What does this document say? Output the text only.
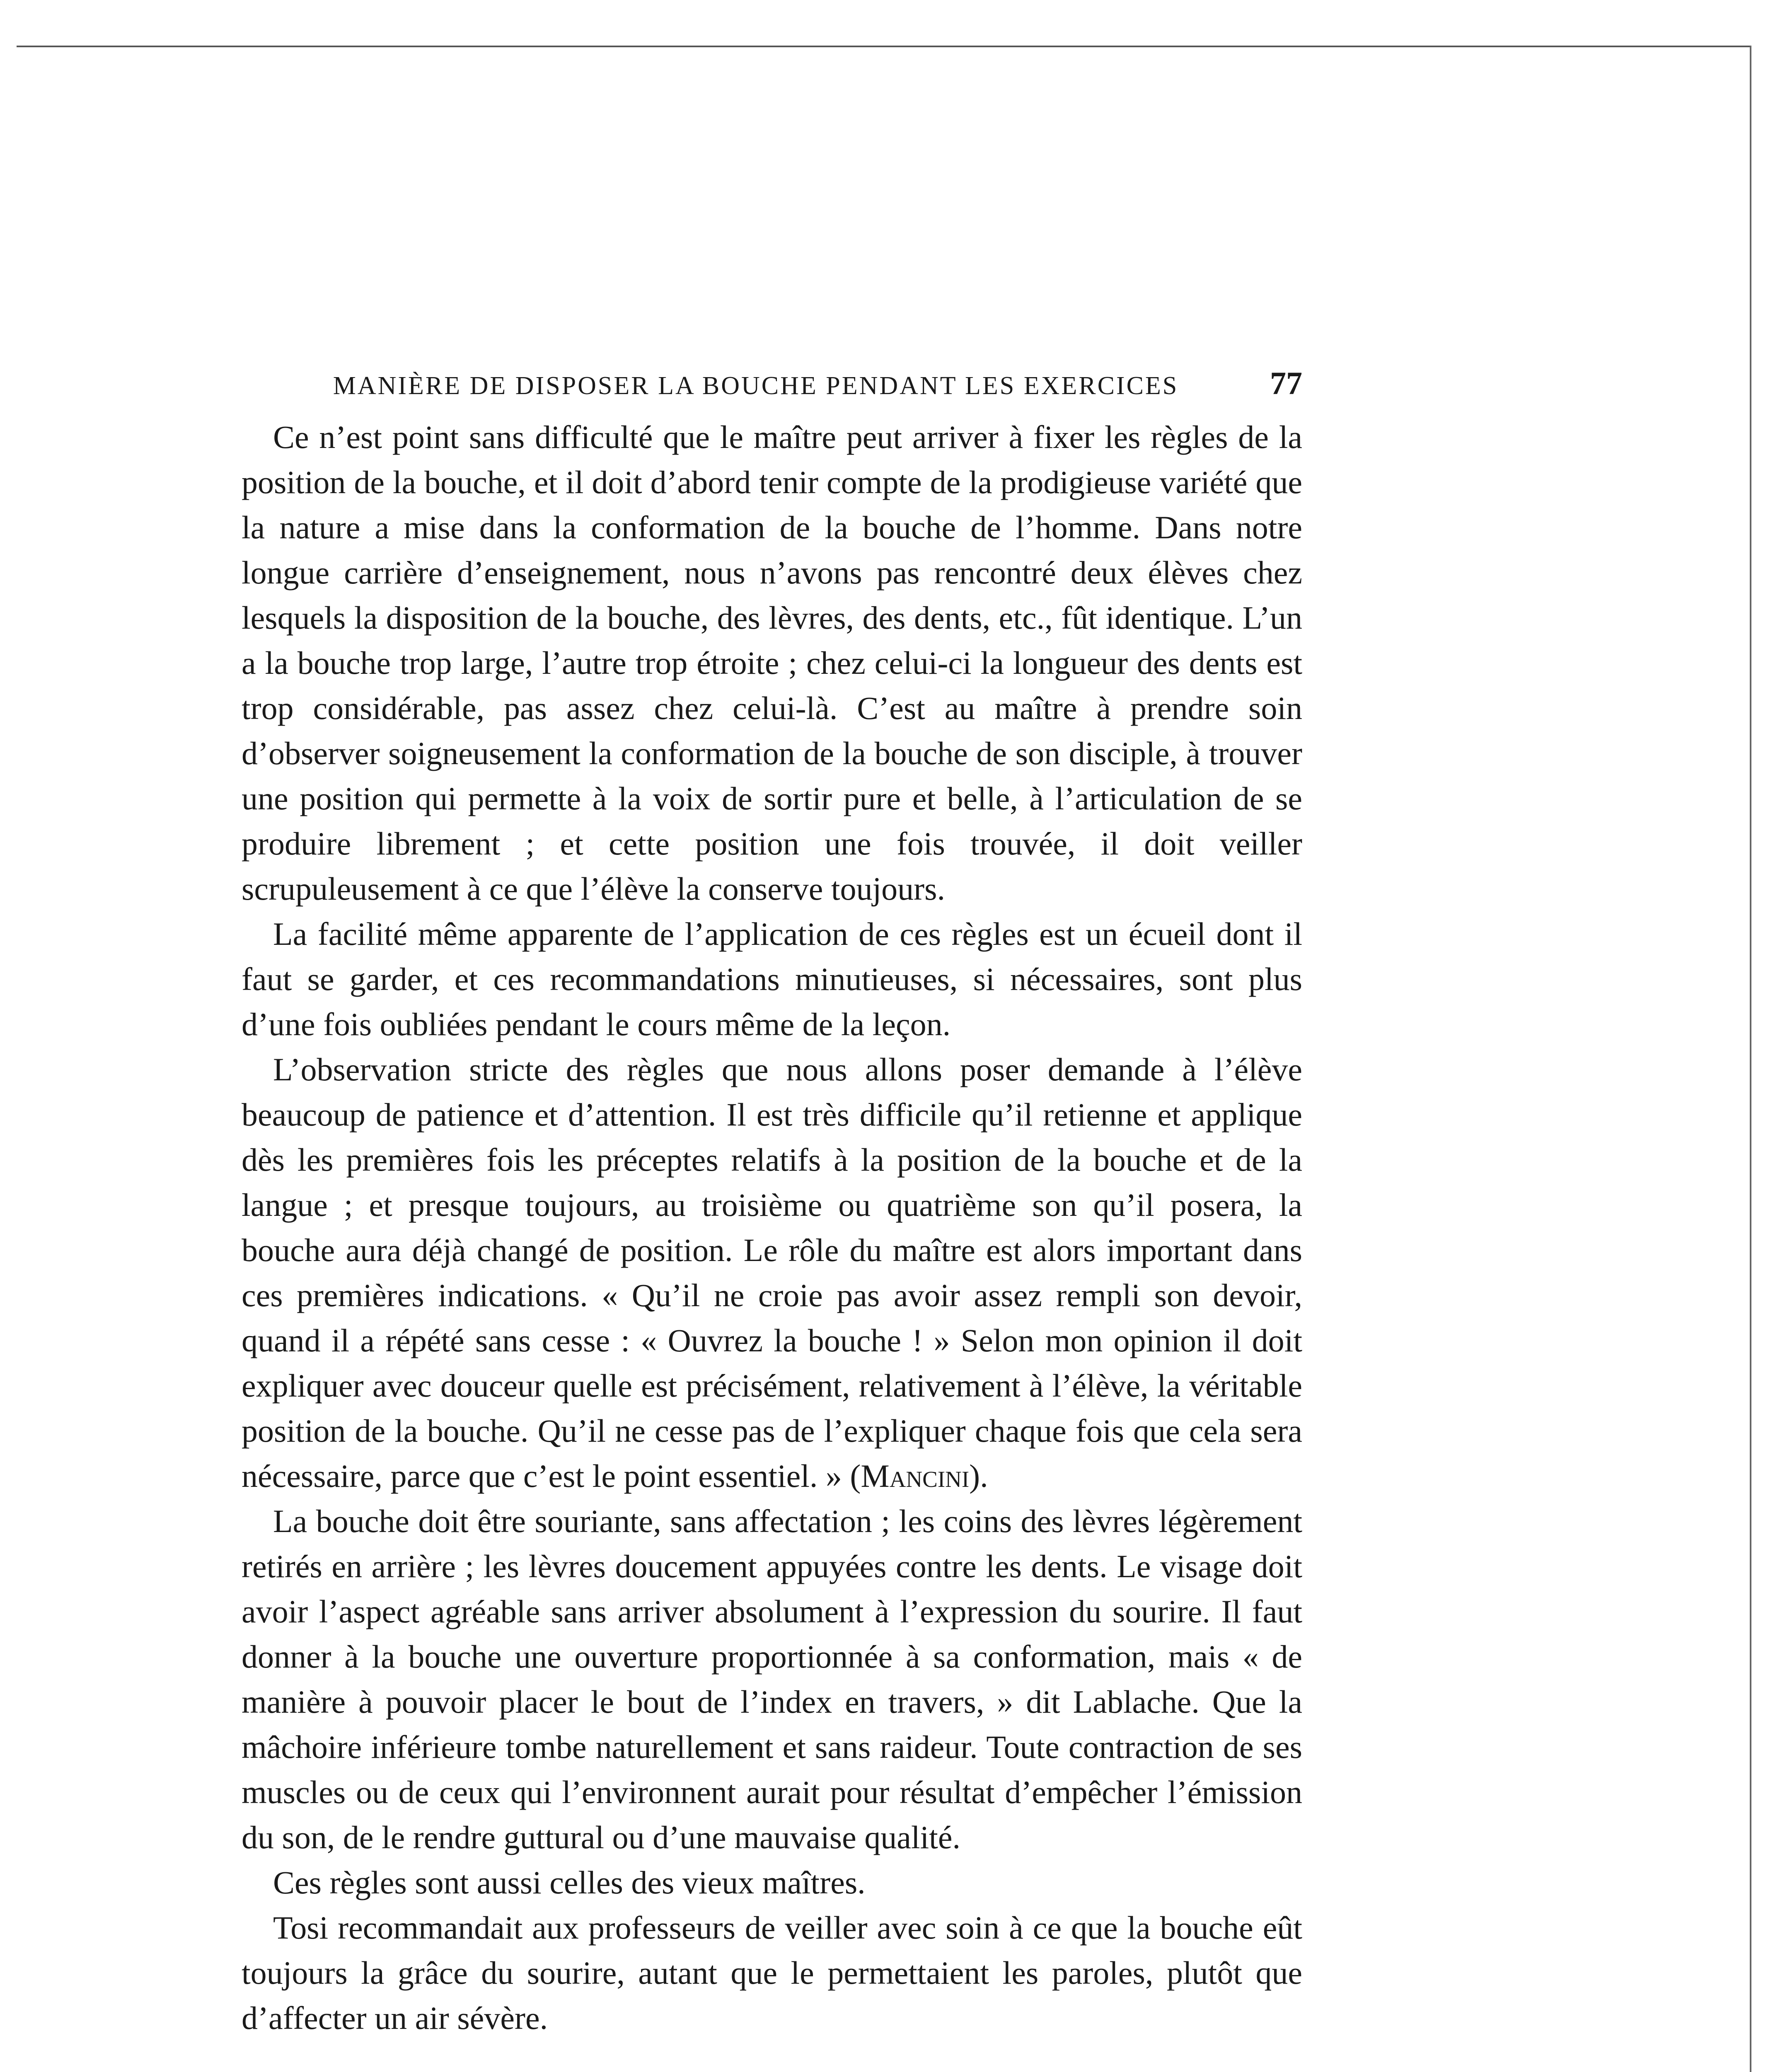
MANIÈRE DE DISPOSER LA BOUCHE PENDANT LES EXERCICES	77

Ce n’est point sans difficulté que le maître peut arriver à fixer les règles de la position de la bouche, et il doit d’abord tenir compte de la prodigieuse variété que la nature a mise dans la conformation de la bouche de l’homme. Dans notre longue carrière d’enseignement, nous n’avons pas rencontré deux élèves chez lesquels la disposition de la bouche, des lèvres, des dents, etc., fût identique. L’un a la bouche trop large, l’autre trop étroite ; chez celui-ci la longueur des dents est trop considérable, pas assez chez celui-là. C’est au maître à prendre soin d’observer soigneusement la conformation de la bouche de son disciple, à trouver une position qui permette à la voix de sortir pure et belle, à l’articulation de se produire librement ; et cette position une fois trouvée, il doit veiller scrupuleusement à ce que l’élève la conserve toujours.

La facilité même apparente de l’application de ces règles est un écueil dont il faut se garder, et ces recommandations minutieuses, si nécessaires, sont plus d’une fois oubliées pendant le cours même de la leçon.

L’observation stricte des règles que nous allons poser demande à l’élève beaucoup de patience et d’attention. Il est très difficile qu’il retienne et applique dès les premières fois les préceptes relatifs à la position de la bouche et de la langue ; et presque toujours, au troisième ou quatrième son qu’il posera, la bouche aura déjà changé de position. Le rôle du maître est alors important dans ces premières indications. « Qu’il ne croie pas avoir assez rempli son devoir, quand il a répété sans cesse : « Ouvrez la bouche ! » Selon mon opinion il doit expliquer avec douceur quelle est précisément, relativement à l’élève, la véritable position de la bouche. Qu’il ne cesse pas de l’expliquer chaque fois que cela sera nécessaire, parce que c’est le point essentiel. » (Mancini).

La bouche doit être souriante, sans affectation ; les coins des lèvres légèrement retirés en arrière ; les lèvres doucement appuyées contre les dents. Le visage doit avoir l’aspect agréable sans arriver absolument à l’expression du sourire. Il faut donner à la bouche une ouverture proportionnée à sa conformation, mais « de manière à pouvoir placer le bout de l’index en travers, » dit Lablache. Que la mâchoire inférieure tombe naturellement et sans raideur. Toute contraction de ses muscles ou de ceux qui l’environnent aurait pour résultat d’empêcher l’émission du son, de le rendre guttural ou d’une mauvaise qualité.

Ces règles sont aussi celles des vieux maîtres.

Tosi recommandait aux professeurs de veiller avec soin à ce que la bouche eût toujours la grâce du sourire, autant que le permettaient les paroles, plutôt que d’affecter un air sévère.
